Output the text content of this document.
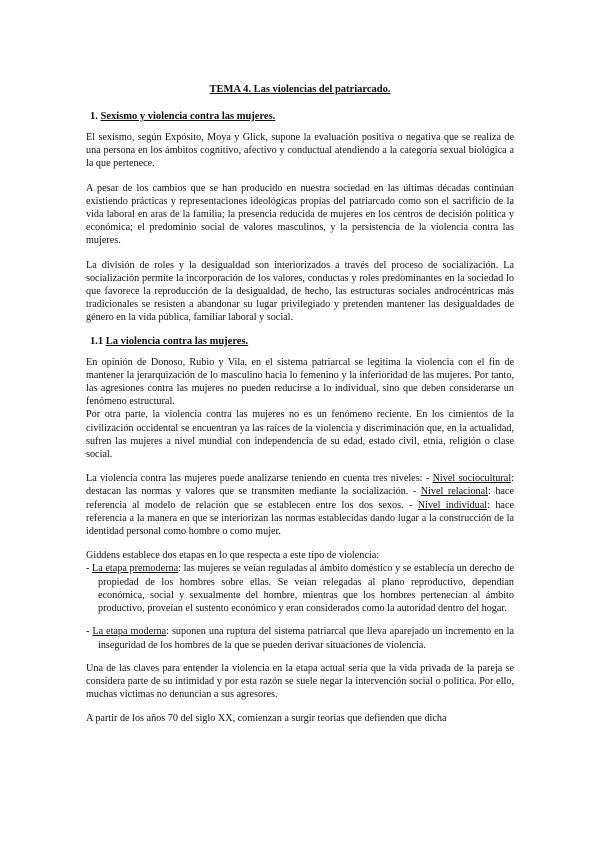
TEMA 4. Las violencias del patriarcado.
1. Sexismo y violencia contra las mujeres.

El sexismo, según Expósito, Moya y Glick, supone la evaluación positiva o negativa que se realiza de una persona en los ámbitos cognitivo, afectivo y conductual atendiendo a la categoría sexual biológica a la que pertenece.

A pesar de los cambios que se han producido en nuestra sociedad en las últimas décadas continúan existiendo prácticas y representaciones ideológicas propias del patriarcado como son el sacrificio de la vida laboral en aras de la familia; la presencia reducida de mujeres en los centros de decisión política y económica; el predominio social de valores masculinos, y la persistencia de la violencia contra las mujeres.

La división de roles y la desigualdad son interiorizados a través del proceso de socialización. La socialización permite la incorporación de los valores, conductas y roles predominantes en la sociedad lo que favorece la reproducción de la desigualdad, de hecho, las estructuras sociales androcéntricas más tradicionales se resisten a abandonar su lugar privilegiado y pretenden mantener las desigualdades de género en la vida pública, familiar laboral y social.

1.1 La violencia contra las mujeres.

En opinión de Donoso, Rubio y Vila, en el sistema patriarcal se legitima la violencia con el fin de mantener la jerarquización de lo masculino hacia lo femenino y la inferioridad de las mujeres. Por tanto, las agresiones contra las mujeres no pueden reducirse a lo individual, sino que deben considerarse un fenómeno estructural.

Por otra parte, la violencia contra las mujeres no es un fenómeno reciente. En los cimientos de la civilización occidental se encuentran ya las raíces de la violencia y discriminación que, en la actualidad, sufren las mujeres a nivel mundial con independencia de su edad, estado civil, etnia, religión o clase social.

La violencia contra las mujeres puede analizarse teniendo en cuenta tres niveles: - Nivel sociocultural: destacan las normas y valores que se transmiten mediante la socialización. - Nivel relacional: hace referencia al modelo de relación que se establecen entre los dos sexos. - Nivel individual: hace referencia a la manera en que se interiorizan las normas establecidas dando lugar a la construcción de la identidad personal como hombre o como mujer.

Giddens establece dos etapas en lo que respecta a este tipo de violencia:

- La etapa premoderna: las mujeres se veían reguladas al ámbito doméstico y se establecía un derecho de propiedad de los hombres sobre ellas. Se veían relegadas al plano reproductivo, dependían económica, social y sexualmente del hombre, mientras que los hombres pertenecían al ámbito productivo, proveían el sustento económico y eran considerados como la autoridad dentro del hogar.
- La etapa moderna: suponen una ruptura del sistema patriarcal que lleva aparejado un incremento en la inseguridad de los hombres de la que se pueden derivar situaciones de violencia.

Una de las claves para entender la violencia en la etapa actual sería que la vida privada de la pareja se considera parte de su intimidad y por esta razón se suele negar la intervención social o política. Por ello, muchas víctimas no denuncian a sus agresores.

A partir de los años 70 del siglo XX, comienzan a surgir teorías que defienden que dicha
